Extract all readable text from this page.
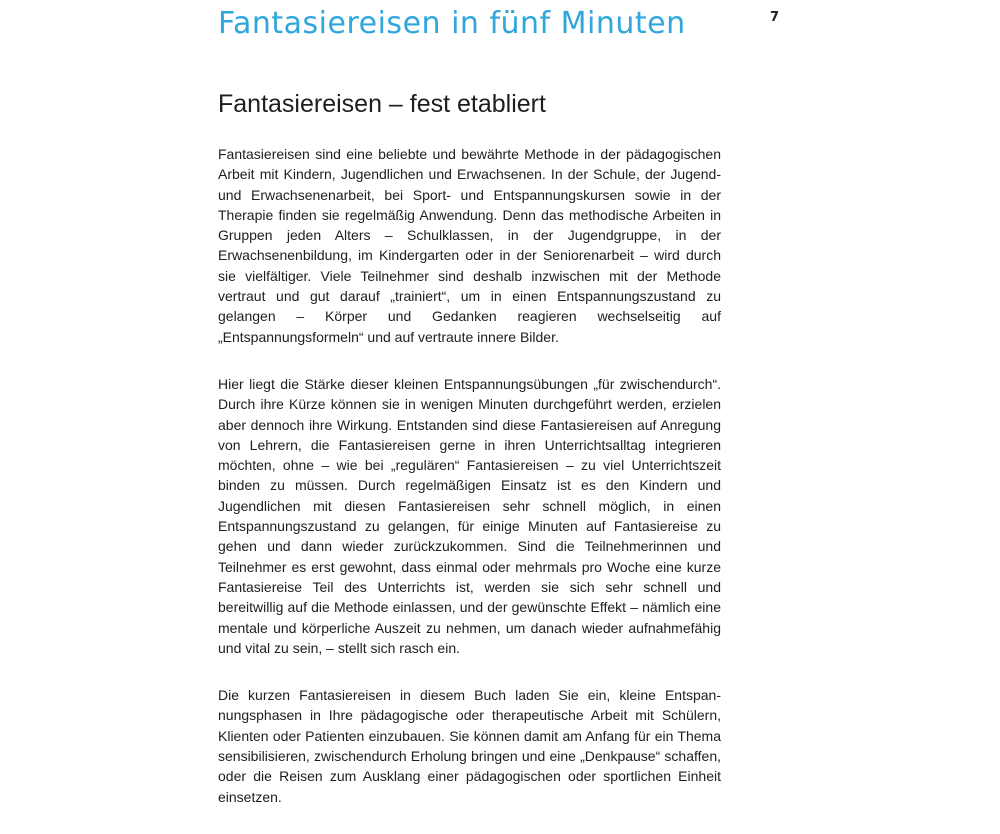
Fantasiereisen in fünf Minuten	7
Fantasiereisen – fest etabliert

Fantasiereisen sind eine beliebte und bewährte Methode in der pädagogischen Arbeit mit Kindern, Jugendlichen und Erwachsenen. In der Schule, der Jugend- und Erwachsenenarbeit, bei Sport- und Entspannungskursen sowie in der Therapie finden sie regelmäßig Anwendung. Denn das methodische Arbeiten in Gruppen jeden Alters – Schulklassen, in der Jugendgruppe, in der Erwachsenenbildung, im Kindergarten oder in der Seniorenarbeit – wird durch sie vielfältiger. Viele Teilnehmer sind deshalb inzwischen mit der Methode vertraut und gut darauf „trainiert“, um in einen Entspannungszustand zu gelangen – Körper und Gedanken reagieren wechselseitig auf „Entspannungsformeln“ und auf vertraute innere Bilder.

Hier liegt die Stärke dieser kleinen Entspannungsübungen „für zwischendurch“. Durch ihre Kürze können sie in wenigen Minuten durchgeführt werden, erzielen aber dennoch ihre Wirkung. Entstanden sind diese Fantasiereisen auf Anregung von Lehrern, die Fantasiereisen gerne in ihren Unterrichtsalltag integrieren möchten, ohne – wie bei „regulären“ Fantasiereisen – zu viel Unterrichtszeit binden zu müssen. Durch regelmäßigen Einsatz ist es den Kindern und Jugendlichen mit diesen Fantasiereisen sehr schnell möglich, in einen Entspannungszustand zu gelangen, für einige Minuten auf Fantasiereise zu gehen und dann wieder zurückzukommen. Sind die Teilnehmerinnen und Teilnehmer es erst gewohnt, dass einmal oder mehrmals pro Woche eine kurze Fantasiereise Teil des Unterrichts ist, werden sie sich sehr schnell und bereitwillig auf die Methode einlassen, und der gewünschte Effekt – nämlich eine mentale und körperliche Auszeit zu nehmen, um danach wieder aufnahmefähig und vital zu sein, – stellt sich rasch ein.

Die kurzen Fantasiereisen in diesem Buch laden Sie ein, kleine Entspannungsphasen in Ihre pädagogische oder therapeutische Arbeit mit Schülern, Klienten oder Patienten einzubauen. Sie können damit am Anfang für ein Thema sensibilisieren, zwischendurch Erholung bringen und eine „Denkpause“ schaffen, oder die Reisen zum Ausklang einer pädagogischen oder sportlichen Einheit einsetzen.
